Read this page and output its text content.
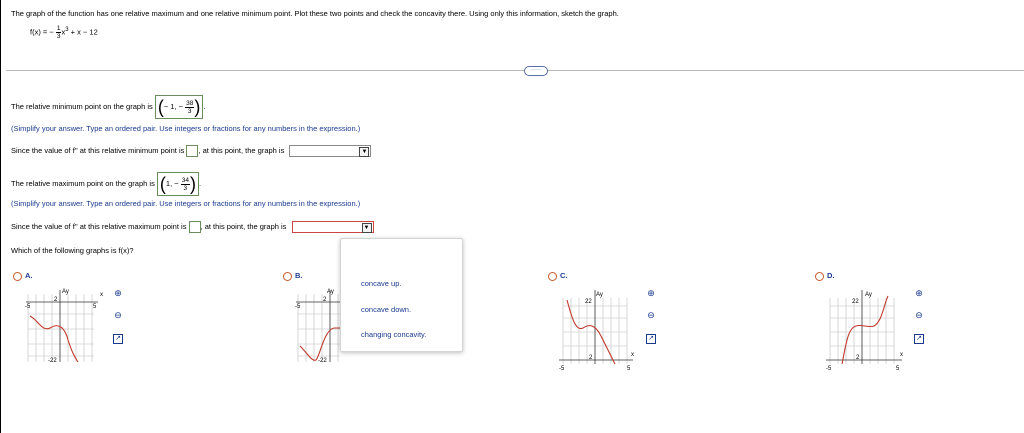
The graph of the function has one relative maximum and one relative minimum point. Plot these two points and check the concavity there. Using only this information, sketch the graph.
f(x) = − $\frac{1}{3} x^3 + x - 12$
·····
The relative minimum point on the graph is (− 1, − $\frac{38}{3}$ ) .
(Simplify your answer. Type an ordered pair. Use integers or fractions for any numbers in the expression.)
Since the value of f'' at this relative minimum point is , at this point, the graph is	▼
The relative maximum point on the graph is (1, − $\frac{34}{3}$ ) .
(Simplify your answer. Type an ordered pair. Use integers or fractions for any numbers in the expression.)
Since the value of f'' at this relative maximum point is , at this point, the graph is	▼
Which of the following graphs is f(x)?
A.
Ay	x
2
-5	5
-22
⊕
⊖
↗
B.
Ay
2
-5
-22
concave up.
concave down.
changing concavity.
C.
Ay
x
22
2
-5	5
⊕
⊖
↗
D.
Ay
x
22
2
-5	5
⊕
⊖
↗
